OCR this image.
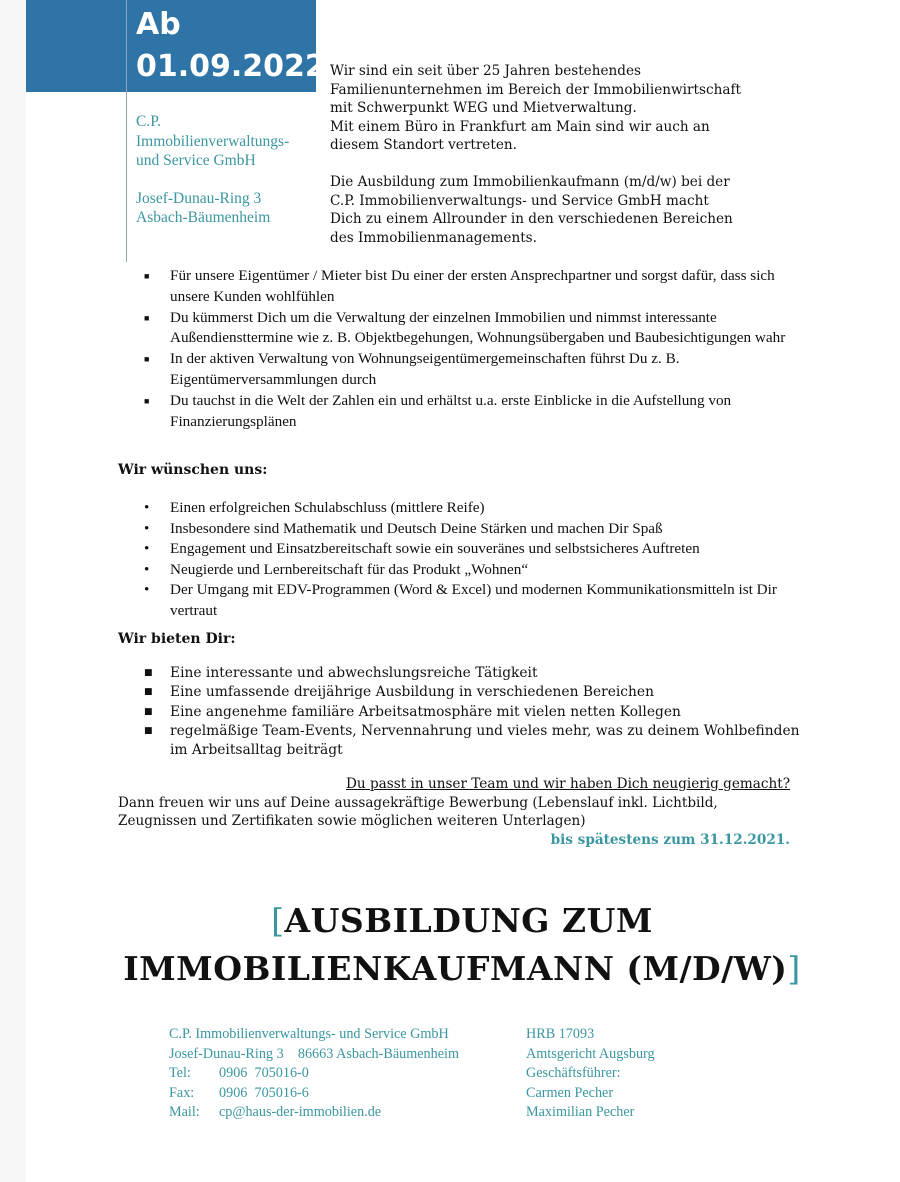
Ab
01.09.2022

C.P.

Immobilienverwaltungs-

und Service GmbH

Josef-Dunau-Ring 3

Asbach-Bäumenheim

Wir sind ein seit über 25 Jahren bestehendes

Familienunternehmen im Bereich der Immobilienwirtschaft

mit Schwerpunkt WEG und Mietverwaltung.

Mit einem Büro in Frankfurt am Main sind wir auch an

diesem Standort vertreten.

Die Ausbildung zum Immobilienkaufmann (m/d/w) bei der

C.P. Immobilienverwaltungs- und Service GmbH macht

Dich zu einem Allrounder in den verschiedenen Bereichen

des Immobilienmanagements.

■ Für unsere Eigentümer / Mieter bist Du einer der ersten Ansprechpartner und sorgst dafür, dass sich unsere Kunden wohlfühlen
■ Du kümmerst Dich um die Verwaltung der einzelnen Immobilien und nimmst interessante Außendiensttermine wie z. B. Objektbegehungen, Wohnungsübergaben und Baubesichtigungen wahr
■ In der aktiven Verwaltung von Wohnungseigentümergemeinschaften führst Du z. B. Eigentümerversammlungen durch
■ Du tauchst in die Welt der Zahlen ein und erhältst u.a. erste Einblicke in die Aufstellung von Finanzierungsplänen
Wir wünschen uns:
• Einen erfolgreichen Schulabschluss (mittlere Reife)
• Insbesondere sind Mathematik und Deutsch Deine Stärken und machen Dir Spaß
• Engagement und Einsatzbereitschaft sowie ein souveränes und selbstsicheres Auftreten
• Neugierde und Lernbereitschaft für das Produkt „Wohnen“
• Der Umgang mit EDV-Programmen (Word & Excel) und modernen Kommunikationsmitteln ist Dir vertraut
Wir bieten Dir:
■ Eine interessante und abwechslungsreiche Tätigkeit
■ Eine umfassende dreijährige Ausbildung in verschiedenen Bereichen
■ Eine angenehme familiäre Arbeitsatmosphäre mit vielen netten Kollegen
■ regelmäßige Team-Events, Nervennahrung und vieles mehr, was zu deinem Wohlbefinden im Arbeitsalltag beiträgt

Du passt in unser Team und wir haben Dich neugierig gemacht?

Dann freuen wir uns auf Deine aussagekräftige Bewerbung (Lebenslauf inkl. Lichtbild,

Zeugnissen und Zertifikaten sowie möglichen weiteren Unterlagen)

bis spätestens zum 31.12.2021.

[AUSBILDUNG ZUM
IMMOBILIENKAUFMANN (M/D/W)]

C.P. Immobilienverwaltungs- und Service GmbH

Josef-Dunau-Ring 3    86663 Asbach-Bäumenheim

Tel: 0906  705016-0

Fax: 0906  705016-6

Mail: cp@haus-der-immobilien.de

HRB 17093

Amtsgericht Augsburg

Geschäftsführer:

Carmen Pecher

Maximilian Pecher
